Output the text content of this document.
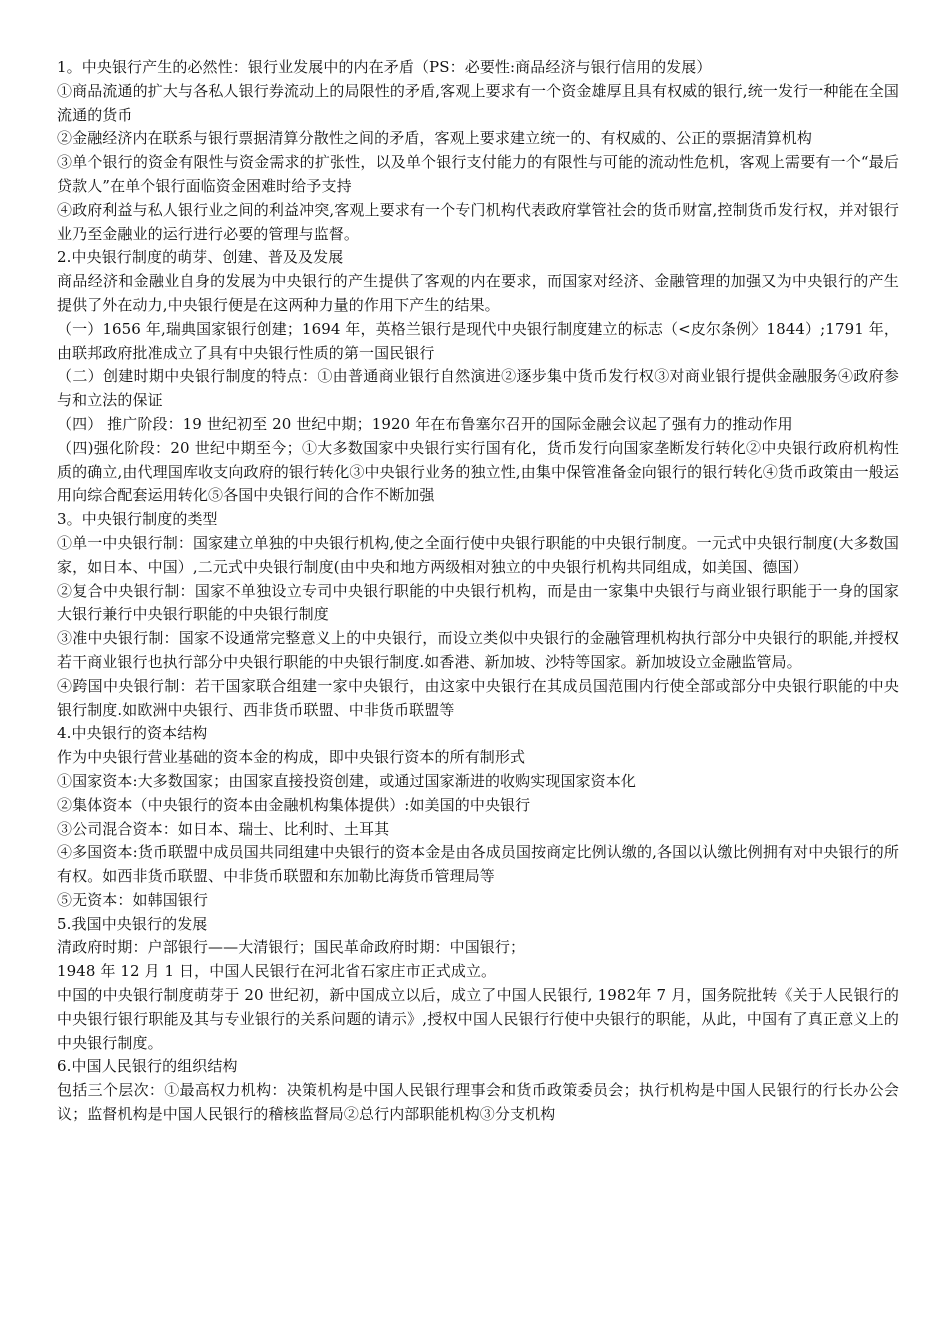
1。中央银行产生的必然性：银行业发展中的内在矛盾（PS：必要性:商品经济与银行信用的发展）

①商品流通的扩大与各私人银行券流动上的局限性的矛盾,客观上要求有一个资金雄厚且具有权威的银行,统一发行一种能在全国流通的货币

②金融经济内在联系与银行票据清算分散性之间的矛盾，客观上要求建立统一的、有权威的、公正的票据清算机构

③单个银行的资金有限性与资金需求的扩张性，以及单个银行支付能力的有限性与可能的流动性危机，客观上需要有一个“最后贷款人”在单个银行面临资金困难时给予支持

④政府利益与私人银行业之间的利益冲突,客观上要求有一个专门机构代表政府掌管社会的货币财富,控制货币发行权，并对银行业乃至金融业的运行进行必要的管理与监督。

2.中央银行制度的萌芽、创建、普及及发展

商品经济和金融业自身的发展为中央银行的产生提供了客观的内在要求，而国家对经济、金融管理的加强又为中央银行的产生提供了外在动力,中央银行便是在这两种力量的作用下产生的结果。

（一）1656 年,瑞典国家银行创建；1694 年，英格兰银行是现代中央银行制度建立的标志（<皮尔条例〉1844）;1791 年，由联邦政府批准成立了具有中央银行性质的第一国民银行

（二）创建时期中央银行制度的特点：①由普通商业银行自然演进②逐步集中货币发行权③对商业银行提供金融服务④政府参与和立法的保证

（四） 推广阶段：19 世纪初至 20 世纪中期；1920 年在布鲁塞尔召开的国际金融会议起了强有力的推动作用

（四)强化阶段：20 世纪中期至今；①大多数国家中央银行实行国有化，货币发行向国家垄断发行转化②中央银行政府机构性质的确立,由代理国库收支向政府的银行转化③中央银行业务的独立性,由集中保管准备金向银行的银行转化④货币政策由一般运用向综合配套运用转化⑤各国中央银行间的合作不断加强

3。中央银行制度的类型

①单一中央银行制：国家建立单独的中央银行机构,使之全面行使中央银行职能的中央银行制度。一元式中央银行制度(大多数国家，如日本、中国）,二元式中央银行制度(由中央和地方两级相对独立的中央银行机构共同组成，如美国、德国）

②复合中央银行制：国家不单独设立专司中央银行职能的中央银行机构，而是由一家集中央银行与商业银行职能于一身的国家大银行兼行中央银行职能的中央银行制度

③准中央银行制：国家不设通常完整意义上的中央银行，而设立类似中央银行的金融管理机构执行部分中央银行的职能,并授权若干商业银行也执行部分中央银行职能的中央银行制度.如香港、新加坡、沙特等国家。新加坡设立金融监管局。

④跨国中央银行制：若干国家联合组建一家中央银行，由这家中央银行在其成员国范围内行使全部或部分中央银行职能的中央银行制度.如欧洲中央银行、西非货币联盟、中非货币联盟等

4.中央银行的资本结构

作为中央银行营业基础的资本金的构成，即中央银行资本的所有制形式

①国家资本:大多数国家；由国家直接投资创建，或通过国家渐进的收购实现国家资本化

②集体资本（中央银行的资本由金融机构集体提供）:如美国的中央银行

③公司混合资本：如日本、瑞士、比利时、土耳其

④多国资本:货币联盟中成员国共同组建中央银行的资本金是由各成员国按商定比例认缴的,各国以认缴比例拥有对中央银行的所有权。如西非货币联盟、中非货币联盟和东加勒比海货币管理局等

⑤无资本：如韩国银行

5.我国中央银行的发展

清政府时期：户部银行——大清银行；国民革命政府时期：中国银行；

1948 年 12 月 1 日，中国人民银行在河北省石家庄市正式成立。

中国的中央银行制度萌芽于 20 世纪初，新中国成立以后，成立了中国人民银行, 1982年 7 月，国务院批转《关于人民银行的中央银行银行职能及其与专业银行的关系问题的请示》,授权中国人民银行行使中央银行的职能，从此，中国有了真正意义上的中央银行制度。

6.中国人民银行的组织结构

包括三个层次：①最高权力机构：决策机构是中国人民银行理事会和货币政策委员会；执行机构是中国人民银行的行长办公会议；监督机构是中国人民银行的稽核监督局②总行内部职能机构③分支机构
